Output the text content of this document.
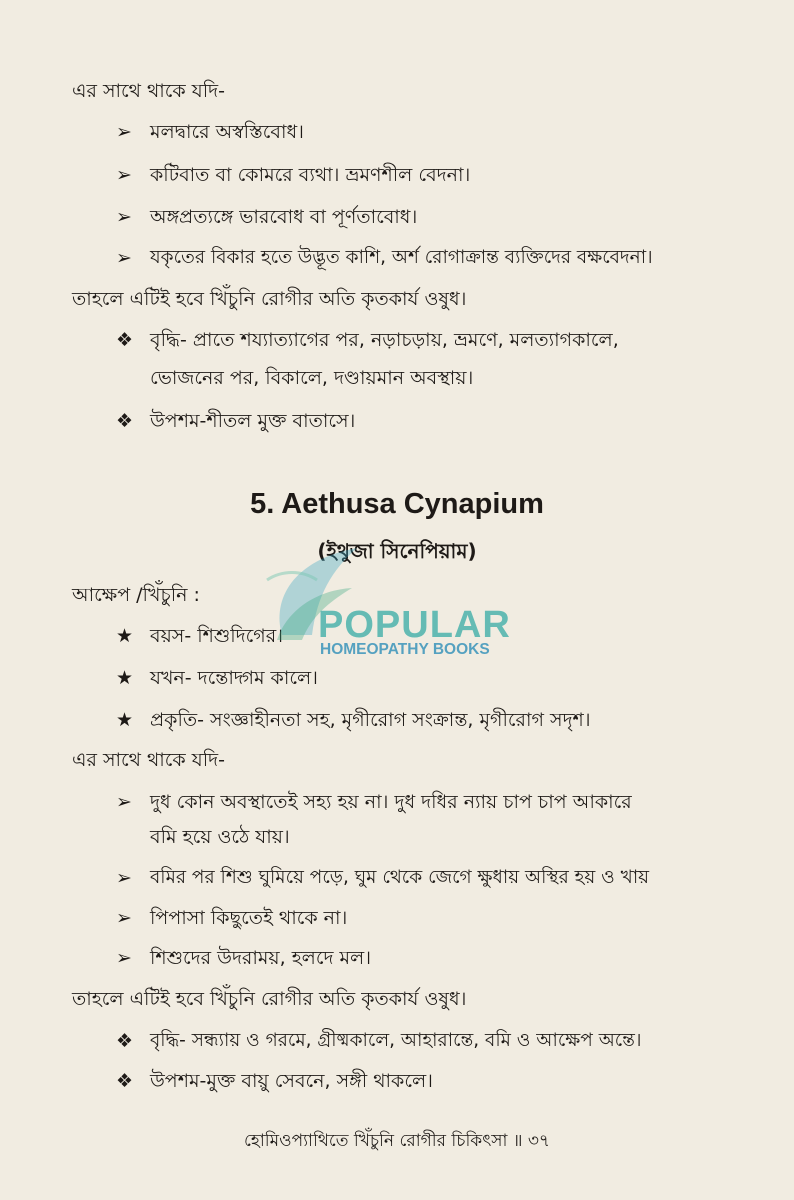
এর সাথে থাকে যদি-
➢ মলদ্বারে অস্বস্তিবোধ।
➢ কটিবাত বা কোমরে ব্যথা। ভ্রমণশীল বেদনা।
➢ অঙ্গপ্রত্যঙ্গে ভারবোধ বা পূর্ণতাবোধ।
➢ যকৃতের বিকার হতে উদ্ভূত কাশি, অর্শ রোগাক্রান্ত ব্যক্তিদের বক্ষবেদনা।
তাহলে এটিই হবে খিঁচুনি রোগীর অতি কৃতকার্য ওষুধ।
❖ বৃদ্ধি- প্রাতে শয্যাত্যাগের পর, নড়াচড়ায়, ভ্রমণে, মলত্যাগকালে,
ভোজনের পর, বিকালে, দণ্ডায়মান অবস্থায়।
❖ উপশম-শীতল মুক্ত বাতাসে।
5. Aethusa Cynapium
(ইথুজা সিনেপিয়াম)
আক্ষেপ /খিঁচুনি :
★ বয়স- শিশুদিগের।
★ যখন- দন্তোদ্গম কালে।
★ প্রকৃতি- সংজ্ঞাহীনতা সহ, মৃগীরোগ সংক্রান্ত, মৃগীরোগ সদৃশ।
এর সাথে থাকে যদি-
➢ দুধ কোন অবস্থাতেই সহ্য হয় না। দুধ দধির ন্যায় চাপ চাপ আকারে
বমি হয়ে ওঠে যায়।
➢ বমির পর শিশু ঘুমিয়ে পড়ে, ঘুম থেকে জেগে ক্ষুধায় অস্থির হয় ও খায়
➢ পিপাসা কিছুতেই থাকে না।
➢ শিশুদের উদরাময়, হলদে মল।
তাহলে এটিই হবে খিঁচুনি রোগীর অতি কৃতকার্য ওষুধ।
❖ বৃদ্ধি- সন্ধ্যায় ও গরমে, গ্রীষ্মকালে, আহারান্তে, বমি ও আক্ষেপ অন্তে।
❖ উপশম-মুক্ত বায়ু সেবনে, সঙ্গী থাকলে।
হোমিওপ্যাথিতে খিঁচুনি রোগীর চিকিৎসা ॥ ৩৭
POPULAR
HOMEOPATHY BOOKS
